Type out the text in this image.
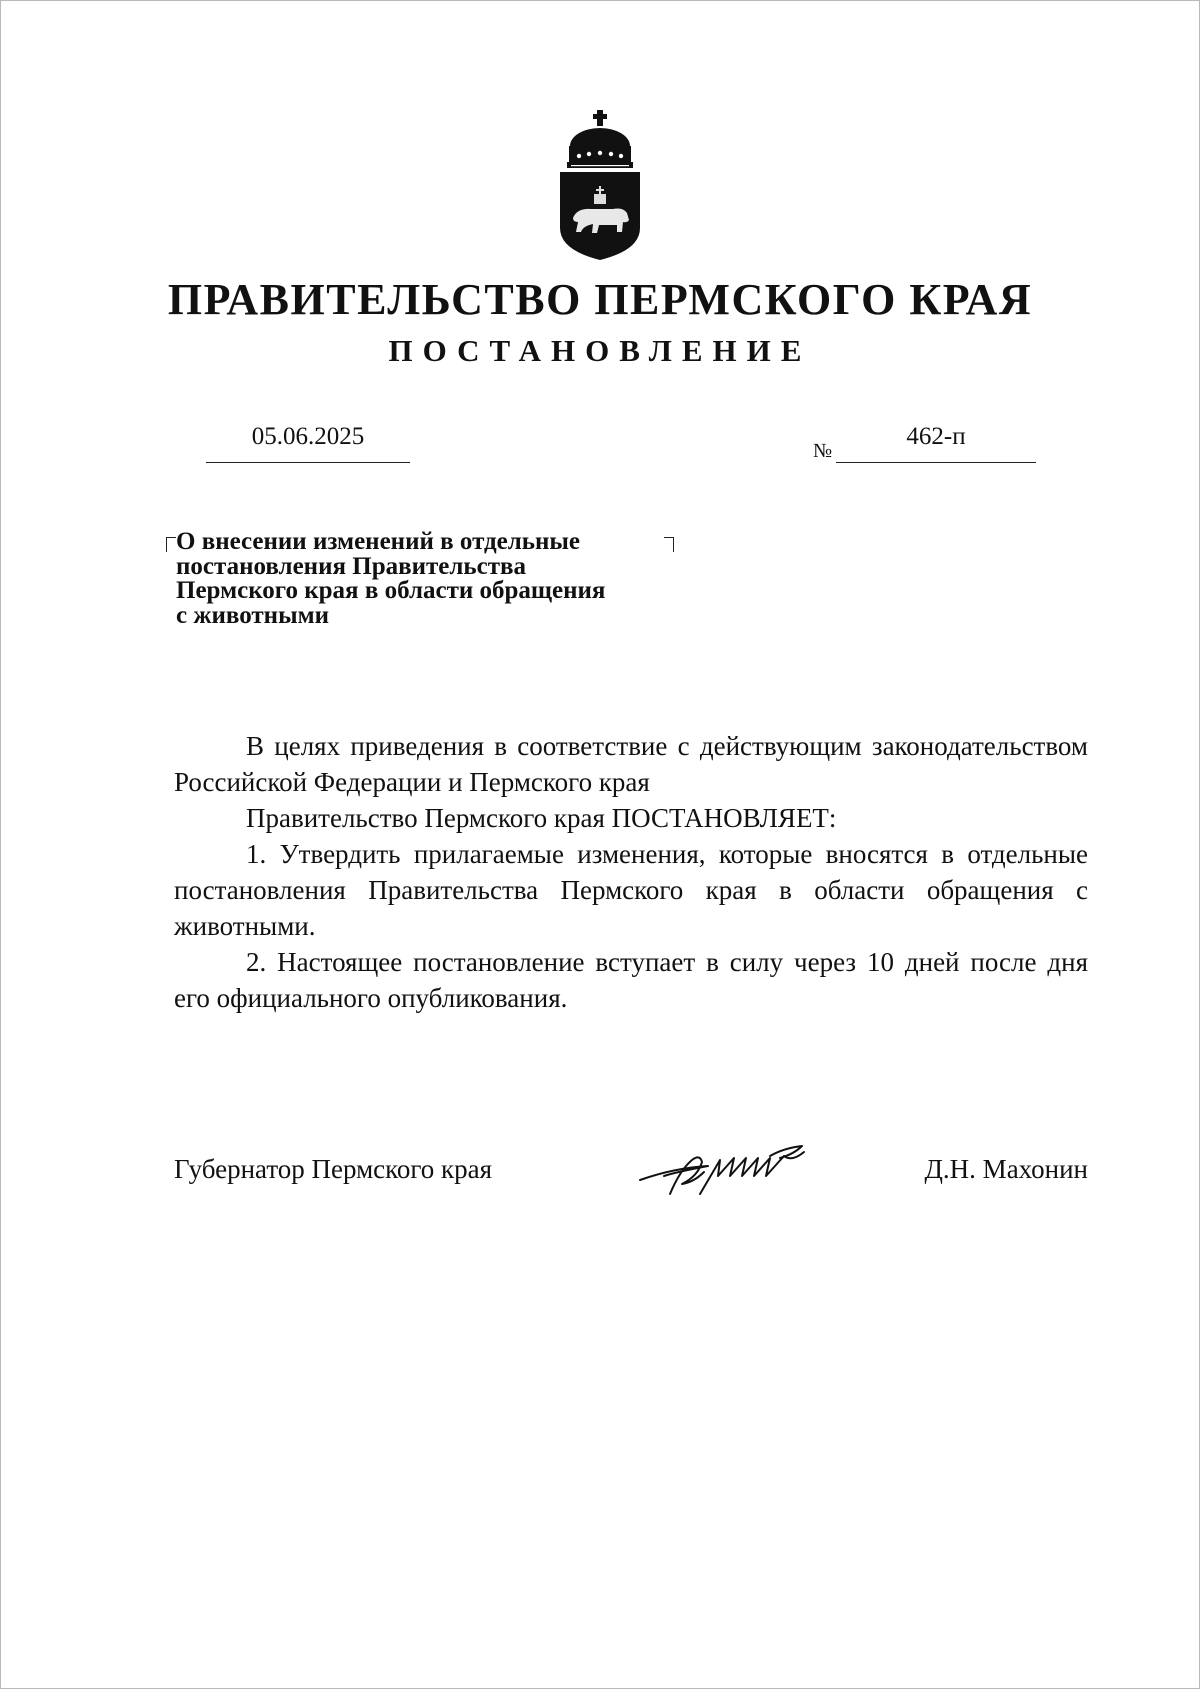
ПРАВИТЕЛЬСТВО ПЕРМСКОГО КРАЯ
ПОСТАНОВЛЕНИЕ
05.06.2025
№
462-п
О внесении изменений в отдельные
постановления Правительства
Пермского края в области обращения
с животными

В целях приведения в соответствие с действующим законодательством Российской Федерации и Пермского края

Правительство Пермского края ПОСТАНОВЛЯЕТ:

1. Утвердить прилагаемые изменения, которые вносятся в отдельные постановления Правительства Пермского края в области обращения с животными.

2. Настоящее постановление вступает в силу через 10 дней после дня его официального опубликования.

Губернатор Пермского края	Д.Н. Махонин
